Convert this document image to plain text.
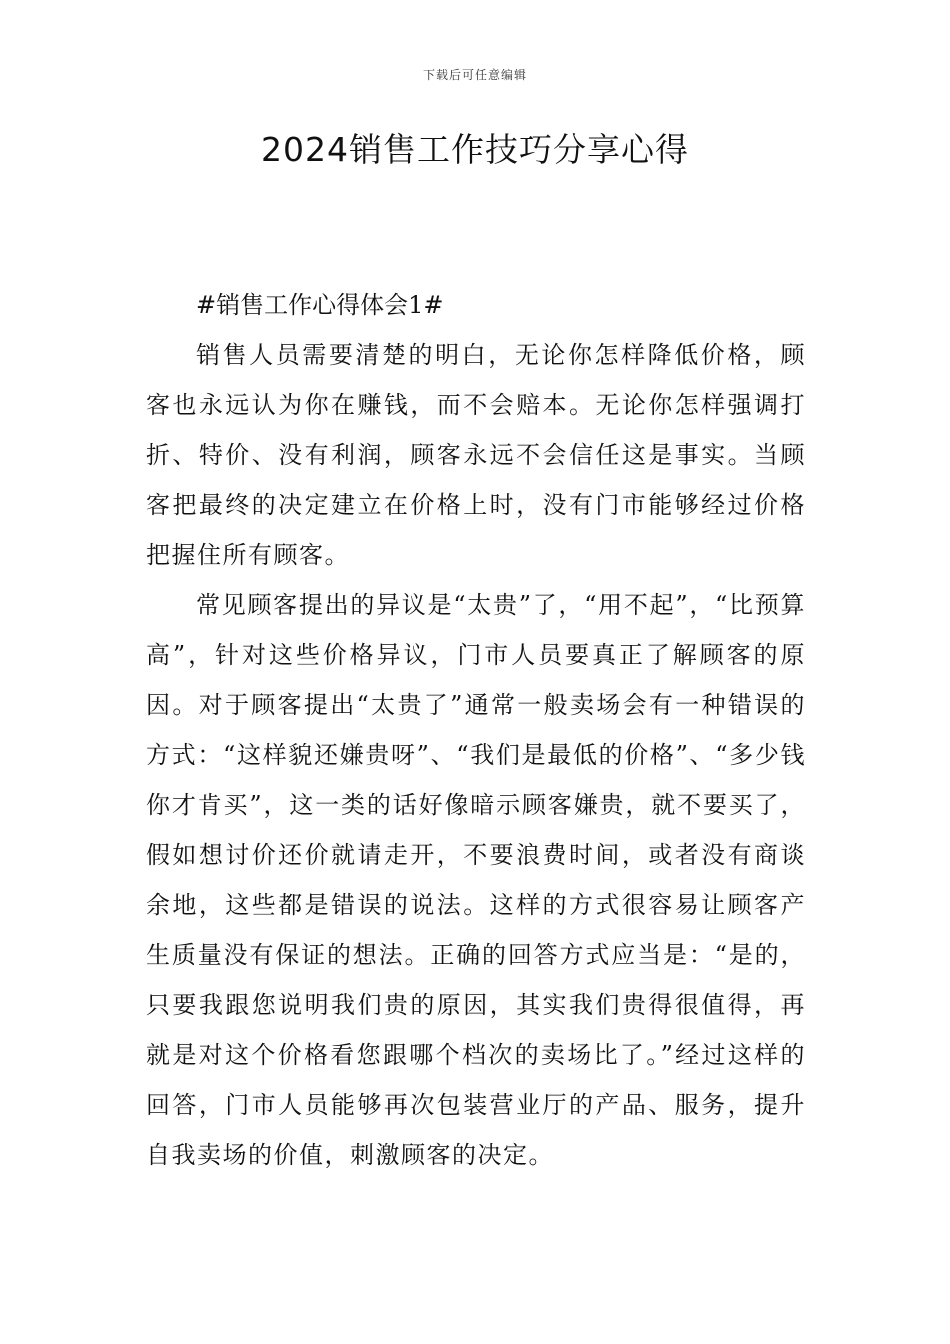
下载后可任意编辑
2024销售工作技巧分享心得
#销售工作心得体会1#

销售人员需要清楚的明白，无论你怎样降低价格，顾客也永远认为你在赚钱，而不会赔本。无论你怎样强调打折、特价、没有利润，顾客永远不会信任这是事实。当顾客把最终的决定建立在价格上时，没有门市能够经过价格把握住所有顾客。

常见顾客提出的异议是“太贵”了，“用不起”，“比预算高”，针对这些价格异议，门市人员要真正了解顾客的原因。对于顾客提出“太贵了”通常一般卖场会有一种错误的方式：“这样貌还嫌贵呀”、“我们是最低的价格”、“多少钱你才肯买”，这一类的话好像暗示顾客嫌贵，就不要买了，假如想讨价还价就请走开，不要浪费时间，或者没有商谈余地，这些都是错误的说法。这样的方式很容易让顾客产生质量没有保证的想法。正确的回答方式应当是：“是的，只要我跟您说明我们贵的原因，其实我们贵得很值得，再就是对这个价格看您跟哪个档次的卖场比了。”经过这样的回答，门市人员能够再次包装营业厅的产品、服务，提升自我卖场的价值，刺激顾客的决定。
